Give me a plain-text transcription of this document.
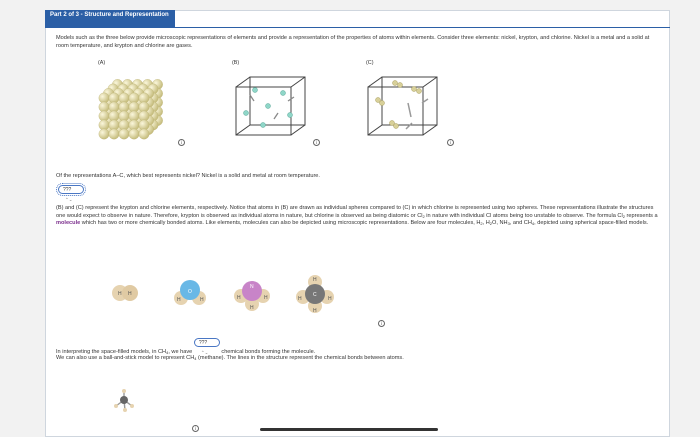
Part 2 of 3 - Structure and Representation
Models such as the three below provide microscopic representations of elements and provide a representation of the properties of atoms within elements. Consider three elements: nickel, krypton, and chlorine. Nickel is a metal and a solid at room temperature, and krypton and chlorine are gases.
(A)	(B)	(C)
i	i	i
Of the representations A–C, which best represents nickel? Nickel is a solid and metal at room temperature.
???⌃⌄
(B) and (C) represent the krypton and chlorine elements, respectively. Notice that atoms in (B) are drawn as individual spheres compared to (C) in which chlorine is represented using two spheres. These representations illustrate the structures one would expect to observe in nature. Therefore, krypton is observed as individual atoms in nature, but chlorine is observed as being diatomic or $Cl_2$ in nature with individual Cl atoms being too unstable to observe. The formula $Cl_2$ represents a molecule which has two or more chemically bonded atoms. Like elements, molecules can also be depicted using microscopic representations. Below are four molecules, $H_2$, $H_2O$, $NH_3$, and $CH_4$, depicted using spherical space-filled models.
H H	O
H	H
N
H	H
H
H
C
H	H
H
i
In interpreting the space-filled models, in $CH_4$, we have ???⌃⌄ chemical bonds forming the molecule.
We can also use a ball-and-stick model to represent $CH_4$ (methane). The lines in the structure represent the chemical bonds between atoms.
i
